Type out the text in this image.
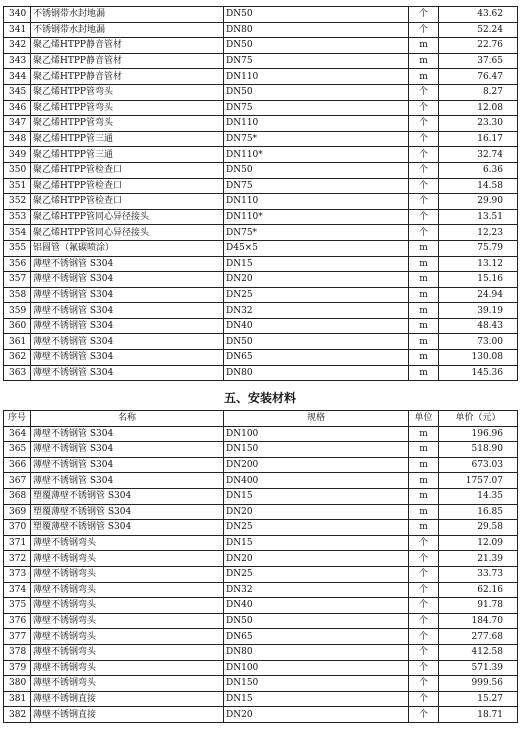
340	不锈钢带水封地漏	DN50	个	43.62
341	不锈钢带水封地漏	DN80	个	52.24
342	聚乙烯HTPP静音管材	DN50	m	22.76
343	聚乙烯HTPP静音管材	DN75	m	37.65
344	聚乙烯HTPP静音管材	DN110	m	76.47
345	聚乙烯HTPP管弯头	DN50	个	8.27
346	聚乙烯HTPP管弯头	DN75	个	12.08
347	聚乙烯HTPP管弯头	DN110	个	23.30
348	聚乙烯HTPP管三通	DN75*	个	16.17
349	聚乙烯HTPP管三通	DN110*	个	32.74
350	聚乙烯HTPP管检查口	DN50	个	6.36
351	聚乙烯HTPP管检查口	DN75	个	14.58
352	聚乙烯HTPP管检查口	DN110	个	29.90
353	聚乙烯HTPP管同心异径接头	DN110*	个	13.51
354	聚乙烯HTPP管同心异径接头	DN75*	个	12.23
355	铝圆管（氟碳喷涂）	D45×5	m	75.79
356	薄壁不锈钢管 S304	DN15	m	13.12
357	薄壁不锈钢管 S304	DN20	m	15.16
358	薄壁不锈钢管 S304	DN25	m	24.94
359	薄壁不锈钢管 S304	DN32	m	39.19
360	薄壁不锈钢管 S304	DN40	m	48.43
361	薄壁不锈钢管 S304	DN50	m	73.00
362	薄壁不锈钢管 S304	DN65	m	130.08
363	薄壁不锈钢管 S304	DN80	m	145.36
五、安装材料
序号	名称	规格	单位	单价（元）
364	薄壁不锈钢管 S304	DN100	m	196.96
365	薄壁不锈钢管 S304	DN150	m	518.90
366	薄壁不锈钢管 S304	DN200	m	673.03
367	薄壁不锈钢管 S304	DN400	m	1757.07
368	塑覆薄壁不锈钢管 S304	DN15	m	14.35
369	塑覆薄壁不锈钢管 S304	DN20	m	16.85
370	塑覆薄壁不锈钢管 S304	DN25	m	29.58
371	薄壁不锈钢弯头	DN15	个	12.09
372	薄壁不锈钢弯头	DN20	个	21.39
373	薄壁不锈钢弯头	DN25	个	33.73
374	薄壁不锈钢弯头	DN32	个	62.16
375	薄壁不锈钢弯头	DN40	个	91.78
376	薄壁不锈钢弯头	DN50	个	184.70
377	薄壁不锈钢弯头	DN65	个	277.68
378	薄壁不锈钢弯头	DN80	个	412.58
379	薄壁不锈钢弯头	DN100	个	571.39
380	薄壁不锈钢弯头	DN150	个	999.56
381	薄壁不锈钢直接	DN15	个	15.27
382	薄壁不锈钢直接	DN20	个	18.71
